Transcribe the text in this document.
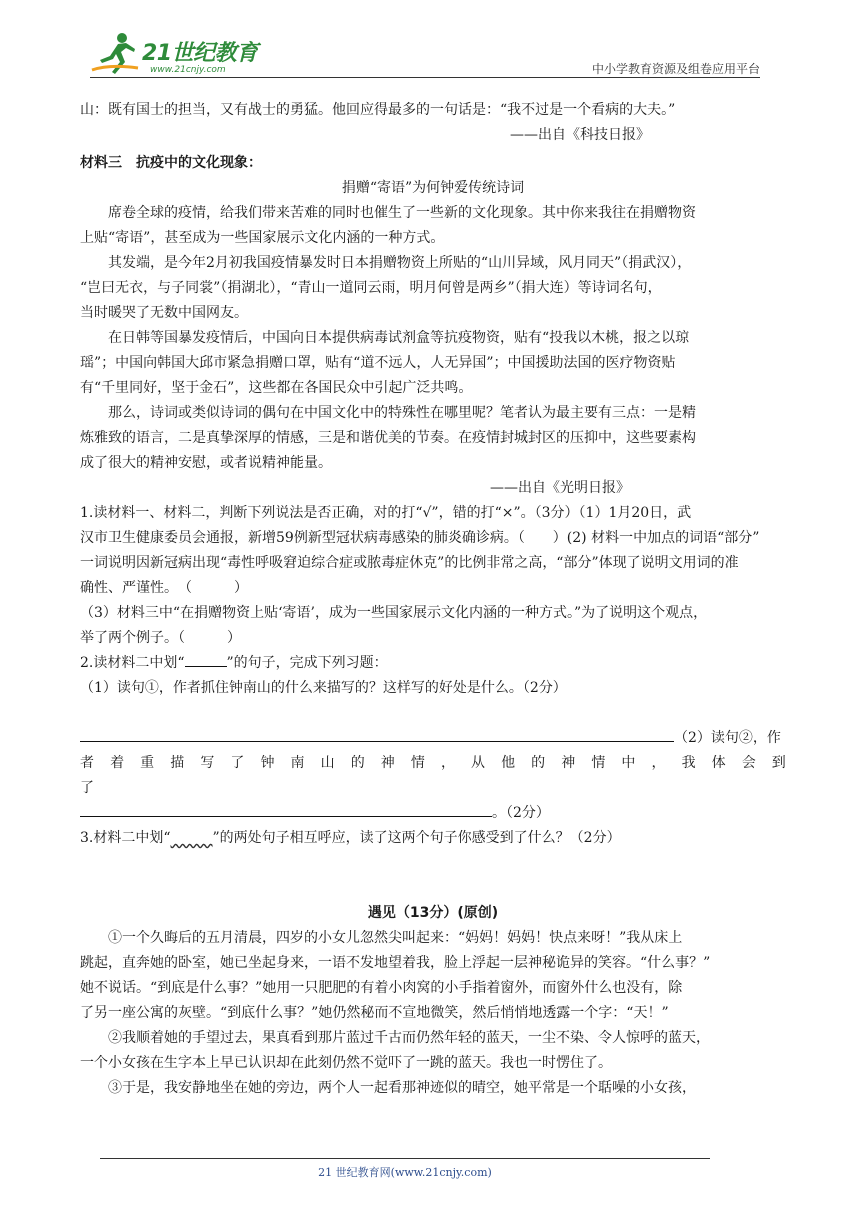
21世纪教育
www.21cnjy.com	中小学教育资源及组卷应用平台
山：既有国士的担当，又有战士的勇猛。他回应得最多的一句话是：“我不过是一个看病的大夫。”
——出自《科技日报》
材料三　抗疫中的文化现象：
捐赠“寄语”为何钟爱传统诗词
席卷全球的疫情，给我们带来苦难的同时也催生了一些新的文化现象。其中你来我往在捐赠物资
上贴“寄语”，甚至成为一些国家展示文化内涵的一种方式。
其发端，是今年2月初我国疫情暴发时日本捐赠物资上所贴的“山川异域，风月同天”（捐武汉），
“岂曰无衣，与子同裳”（捐湖北），“青山一道同云雨，明月何曾是两乡”（捐大连）等诗词名句，
当时暖哭了无数中国网友。
在日韩等国暴发疫情后，中国向日本提供病毒试剂盒等抗疫物资，贴有“投我以木桃，报之以琼
瑶”；中国向韩国大邱市紧急捐赠口罩，贴有“道不远人，人无异国”；中国援助法国的医疗物资贴
有“千里同好，坚于金石”，这些都在各国民众中引起广泛共鸣。
那么，诗词或类似诗词的偶句在中国文化中的特殊性在哪里呢？笔者认为最主要有三点：一是精
炼雅致的语言，二是真挚深厚的情感，三是和谐优美的节奏。在疫情封城封区的压抑中，这些要素构
成了很大的精神安慰，或者说精神能量。
——出自《光明日报》
1.读材料一、材料二，判断下列说法是否正确，对的打“√”，错的打“×”。（3分）（1）1月20日，武
汉市卫生健康委员会通报，新增59例新型冠状病毒感染的肺炎确诊病。（　　）(2) 材料一中加点的词语“部分”
一词说明因新冠病出现“毒性呼吸窘迫综合症或脓毒症休克”的比例非常之高，“部分”体现了说明文用词的准
确性、严谨性。　（　　　）
（3）材料三中“在捐赠物资上贴‘寄语’，成为一些国家展示文化内涵的一种方式。”为了说明这个观点，
举了两个例子。（　　　）
2.读材料二中划“	”的句子，完成下列习题：
（1）读句①，作者抓住钟南山的什么来描写的？这样写的好处是什么。（2分）
（2）读句②，作
者 着 重 描 写 了 钟 南 山 的 神 情 ， 从 他 的 神 情 中 ， 我 体 会 到
了
。（2分）
3.材料二中划“～～～”的两处句子相互呼应，读了这两个句子你感受到了什么？（2分）
遇见（13分）(原创)
①一个久晦后的五月清晨，四岁的小女儿忽然尖叫起来：“妈妈！妈妈！快点来呀！”我从床上
跳起，直奔她的卧室，她已坐起身来，一语不发地望着我，脸上浮起一层神秘诡异的笑容。“什么事？”
她不说话。“到底是什么事？”她用一只肥肥的有着小肉窝的小手指着窗外，而窗外什么也没有，除
了另一座公寓的灰壁。“到底什么事？”她仍然秘而不宣地微笑，然后悄悄地透露一个字：“天！”
②我顺着她的手望过去，果真看到那片蓝过千古而仍然年轻的蓝天，一尘不染、令人惊呼的蓝天，
一个小女孩在生字本上早已认识却在此刻仍然不觉吓了一跳的蓝天。我也一时愣住了。
③于是，我安静地坐在她的旁边，两个人一起看那神迹似的晴空，她平常是一个聒噪的小女孩，
21 世纪教育网(www.21cnjy.com)
